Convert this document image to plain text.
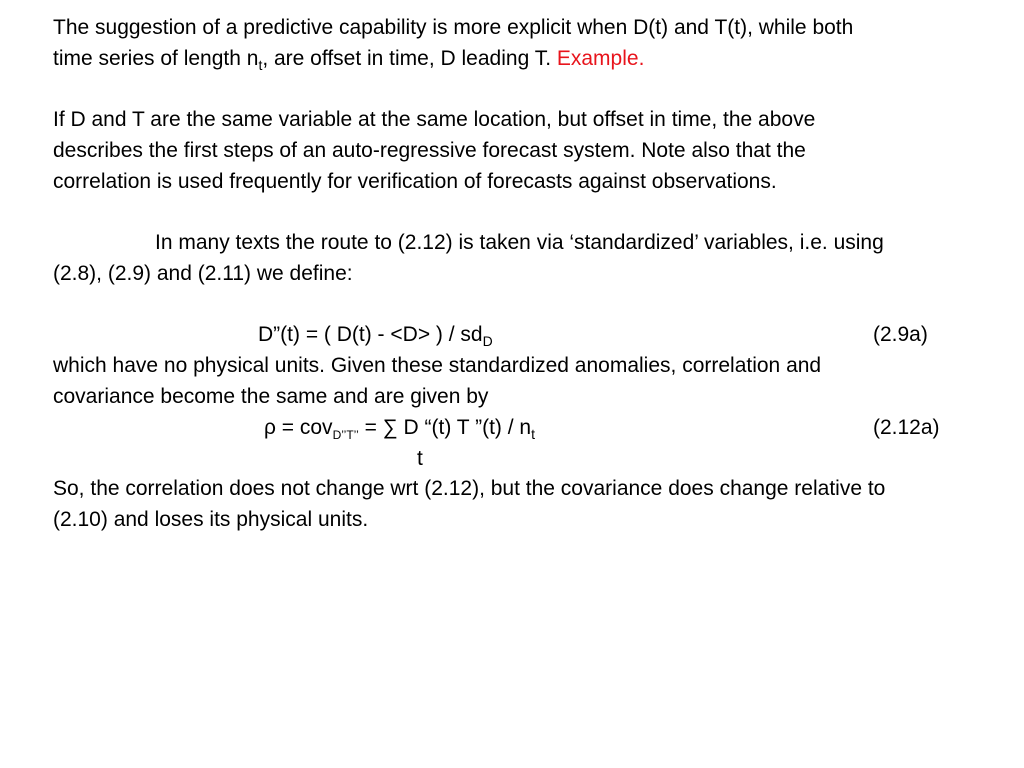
The suggestion of a predictive capability is more explicit when D(t) and T(t), while both
time series of length $n_t$, are offset in time, D leading T. Example.
If D and T are the same variable at the same location, but offset in time, the above
describes the first steps of an auto-regressive forecast system. Note also that the
correlation is used frequently for verification of forecasts against observations.
In many texts the route to (2.12) is taken via ‘standardized’ variables, i.e. using
(2.8), (2.9) and (2.11) we define:
D”(t) = ( D(t) - <D> ) / $sd_D$	(2.9a)
which have no physical units. Given these standardized anomalies, correlation and
covariance become the same and are given by
ρ = cov$_{D’’T’’}$ = ∑ D “(t) T ”(t) / $n_t$	(2.12a)
t
So, the correlation does not change wrt (2.12), but the covariance does change relative to
(2.10) and loses its physical units.
